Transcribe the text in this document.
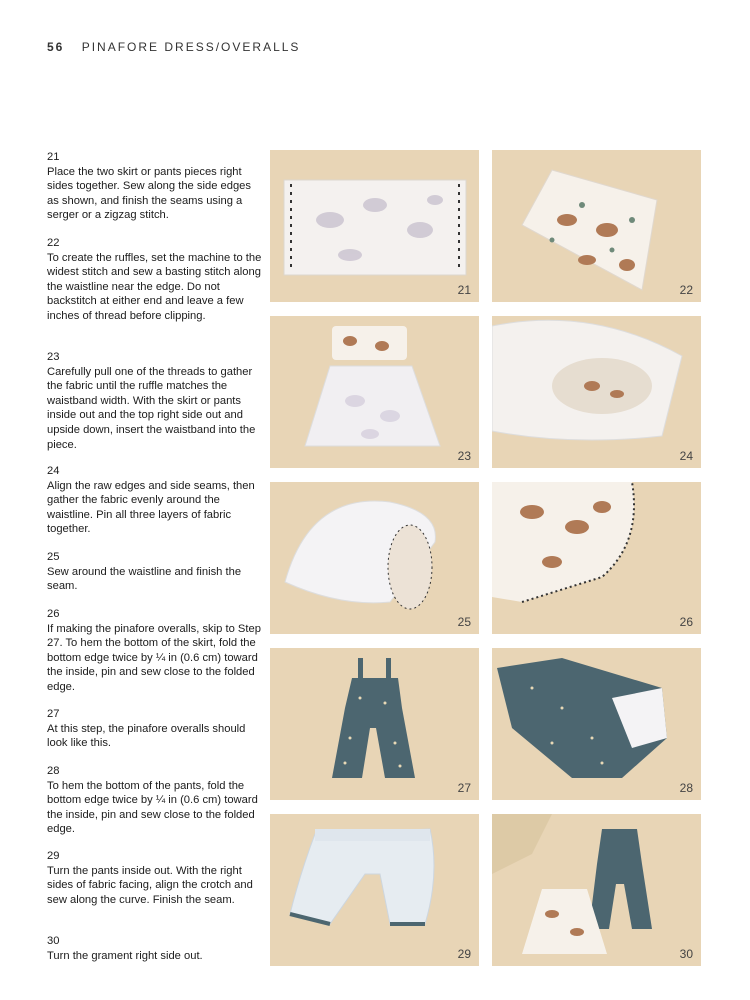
56 PINAFORE DRESS/OVERALLS
21
Place the two skirt or pants pieces right sides together. Sew along the side edges as shown, and finish the seams using a serger or a zigzag stitch.
22
To create the ruffles, set the machine to the widest stitch and sew a basting stitch along the waistline near the edge. Do not backstitch at either end and leave a few inches of thread before clipping.
23
Carefully pull one of the threads to gather the fabric until the ruffle matches the waistband width. With the skirt or pants inside out and the top right side out and upside down, insert the waistband into the piece.
24
Align the raw edges and side seams, then gather the fabric evenly around the waistline. Pin all three layers of fabric together.
25
Sew around the waistline and finish the seam.
26
If making the pinafore overalls, skip to Step 27. To hem the bottom of the skirt, fold the bottom edge twice by ¼ in (0.6 cm) toward the inside, pin and sew close to the folded edge.
27
At this step, the pinafore overalls should look like this.
28
To hem the bottom of the pants, fold the bottom edge twice by ¼ in (0.6 cm) toward the inside, pin and sew close to the folded edge.
29
Turn the pants inside out. With the right sides of fabric facing, align the crotch and sew along the curve. Finish the seam.
30
Turn the grament right side out.
21	22
23	24
25	26
27	28
29	30
